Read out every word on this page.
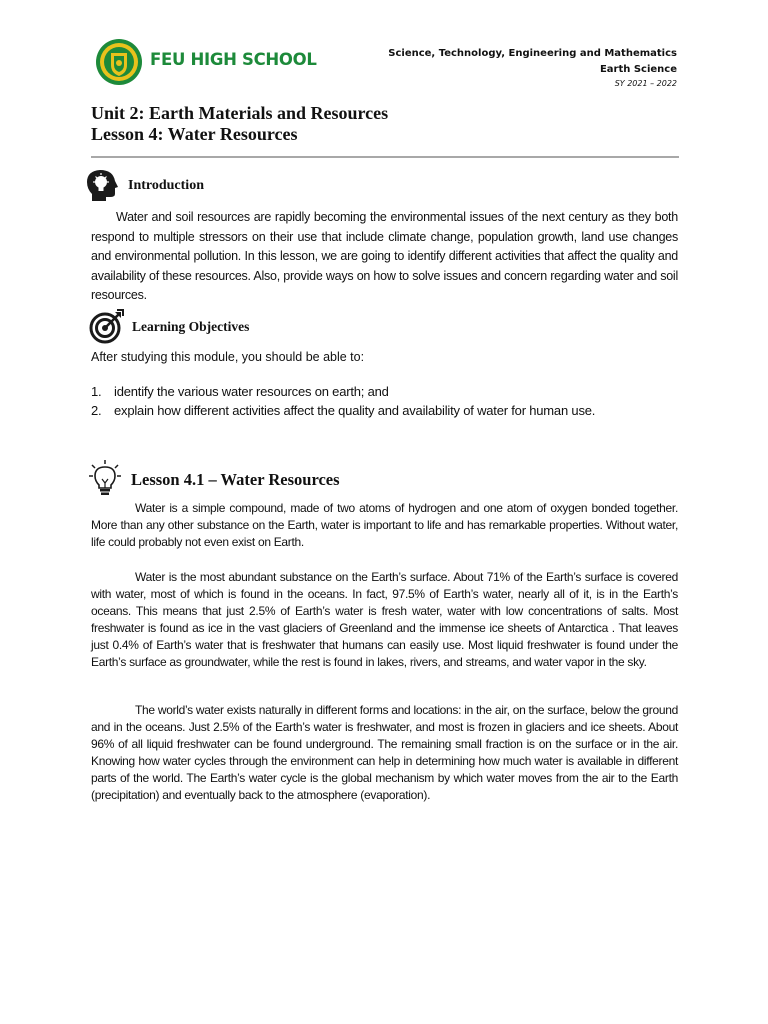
FEU HIGH SCHOOL	Science, Technology, Engineering and Mathematics
Earth Science
SY 2021 – 2022
Unit 2: Earth Materials and Resources
Lesson 4: Water Resources
Introduction

Water and soil resources are rapidly becoming the environmental issues of the next century as they both respond to multiple stressors on their use that include climate change, population growth, land use changes and environmental pollution. In this lesson, we are going to identify different activities that affect the quality and availability of these resources. Also, provide ways on how to solve issues and concern regarding water and soil resources.

Learning Objectives

After studying this module, you should be able to:

1. identify the various water resources on earth; and
2. explain how different activities affect the quality and availability of water for human use.
Lesson 4.1 – Water Resources

Water is a simple compound, made of two atoms of hydrogen and one atom of oxygen bonded together. More than any other substance on the Earth, water is important to life and has remarkable properties. Without water, life could probably not even exist on Earth.

Water is the most abundant substance on the Earth’s surface. About 71% of the Earth’s surface is covered with water, most of which is found in the oceans. In fact, 97.5% of Earth’s water, nearly all of it, is in the Earth’s oceans. This means that just 2.5% of Earth’s water is fresh water, water with low concentrations of salts. Most freshwater is found as ice in the vast glaciers of Greenland and the immense ice sheets of Antarctica . That leaves just 0.4% of Earth’s water that is freshwater that humans can easily use. Most liquid freshwater is found under the Earth’s surface as groundwater, while the rest is found in lakes, rivers, and streams, and water vapor in the sky.

The world’s water exists naturally in different forms and locations: in the air, on the surface, below the ground and in the oceans. Just 2.5% of the Earth’s water is freshwater, and most is frozen in glaciers and ice sheets. About 96% of all liquid freshwater can be found underground. The remaining small fraction is on the surface or in the air. Knowing how water cycles through the environment can help in determining how much water is available in different parts of the world. The Earth’s water cycle is the global mechanism by which water moves from the air to the Earth (precipitation) and eventually back to the atmosphere (evaporation).
